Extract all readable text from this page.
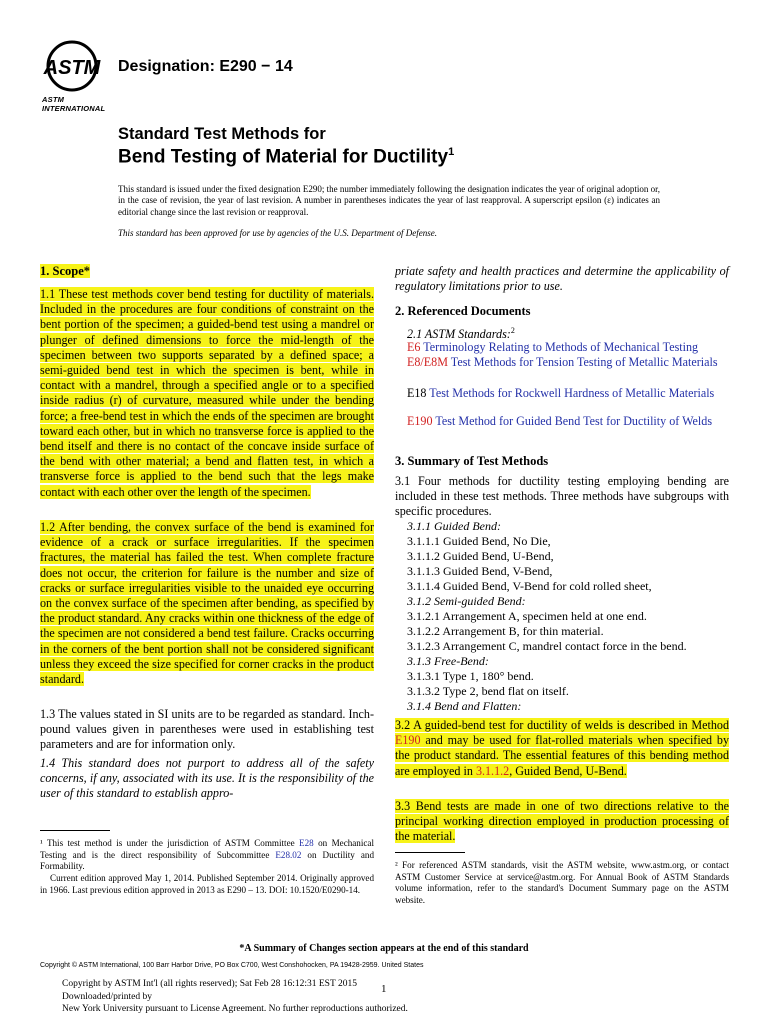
ASTM
ASTM INTERNATIONAL
Designation: E290 − 14
Standard Test Methods for
Bend Testing of Material for Ductility$^1$
This standard is issued under the fixed designation E290; the number immediately following the designation indicates the year of original adoption or, in the case of revision, the year of last revision. A number in parentheses indicates the year of last reapproval. A superscript epsilon (ε) indicates an editorial change since the last revision or reapproval.
This standard has been approved for use by agencies of the U.S. Department of Defense.
1. Scope*

1.1 These test methods cover bend testing for ductility of materials. Included in the procedures are four conditions of constraint on the bent portion of the specimen; a guided-bend test using a mandrel or plunger of defined dimensions to force the mid-length of the specimen between two supports separated by a defined space; a semi-guided bend test in which the specimen is bent, while in contact with a mandrel, through a specified angle or to a specified inside radius (r) of curvature, measured while under the bending force; a free-bend test in which the ends of the specimen are brought toward each other, but in which no transverse force is applied to the bend itself and there is no contact of the concave inside surface of the bend with other material; a bend and flatten test, in which a transverse force is applied to the bend such that the legs make contact with each other over the length of the specimen.

1.2 After bending, the convex surface of the bend is examined for evidence of a crack or surface irregularities. If the specimen fractures, the material has failed the test. When complete fracture does not occur, the criterion for failure is the number and size of cracks or surface irregularities visible to the unaided eye occurring on the convex surface of the specimen after bending, as specified by the product standard. Any cracks within one thickness of the edge of the specimen are not considered a bend test failure. Cracks occurring in the corners of the bent portion shall not be considered significant unless they exceed the size specified for corner cracks in the product standard.

1.3 The values stated in SI units are to be regarded as standard. Inch-pound values given in parentheses were used in establishing test parameters and are for information only.

1.4 This standard does not purport to address all of the safety concerns, if any, associated with its use. It is the responsibility of the user of this standard to establish appro-

¹ This test method is under the jurisdiction of ASTM Committee E28 on Mechanical Testing and is the direct responsibility of Subcommittee E28.02 on Ductility and Formability.

Current edition approved May 1, 2014. Published September 2014. Originally approved in 1966. Last previous edition approved in 2013 as E290 – 13. DOI: 10.1520/E0290-14.

priate safety and health practices and determine the applicability of regulatory limitations prior to use.

2. Referenced Documents
2.1 ASTM Standards:$^2$
E6 Terminology Relating to Methods of Mechanical Testing
E8/E8M Test Methods for Tension Testing of Metallic Materials
E18 Test Methods for Rockwell Hardness of Metallic Materials
E190 Test Method for Guided Bend Test for Ductility of Welds
3. Summary of Test Methods

3.1 Four methods for ductility testing employing bending are included in these test methods. Three methods have subgroups with specific procedures.

3.1.1 Guided Bend:
3.1.1.1 Guided Bend, No Die,
3.1.1.2 Guided Bend, U-Bend,
3.1.1.3 Guided Bend, V-Bend,
3.1.1.4 Guided Bend, V-Bend for cold rolled sheet,
3.1.2 Semi-guided Bend:
3.1.2.1 Arrangement A, specimen held at one end.
3.1.2.2 Arrangement B, for thin material.
3.1.2.3 Arrangement C, mandrel contact force in the bend.
3.1.3 Free-Bend:
3.1.3.1 Type 1, 180° bend.
3.1.3.2 Type 2, bend flat on itself.
3.1.4 Bend and Flatten:

3.2 A guided-bend test for ductility of welds is described in Method E190 and may be used for flat-rolled materials when specified by the product standard. The essential features of this bending method are employed in 3.1.1.2, Guided Bend, U-Bend.

3.3 Bend tests are made in one of two directions relative to the principal working direction employed in production processing of the material.

² For referenced ASTM standards, visit the ASTM website, www.astm.org, or contact ASTM Customer Service at service@astm.org. For Annual Book of ASTM Standards volume information, refer to the standard's Document Summary page on the ASTM website.

*A Summary of Changes section appears at the end of this standard
Copyright © ASTM International, 100 Barr Harbor Drive, PO Box C700, West Conshohocken, PA 19428-2959. United States
Copyright by ASTM Int'l (all rights reserved); Sat Feb 28 16:12:31 EST 2015
Downloaded/printed by
New York University pursuant to License Agreement. No further reproductions authorized.
1
